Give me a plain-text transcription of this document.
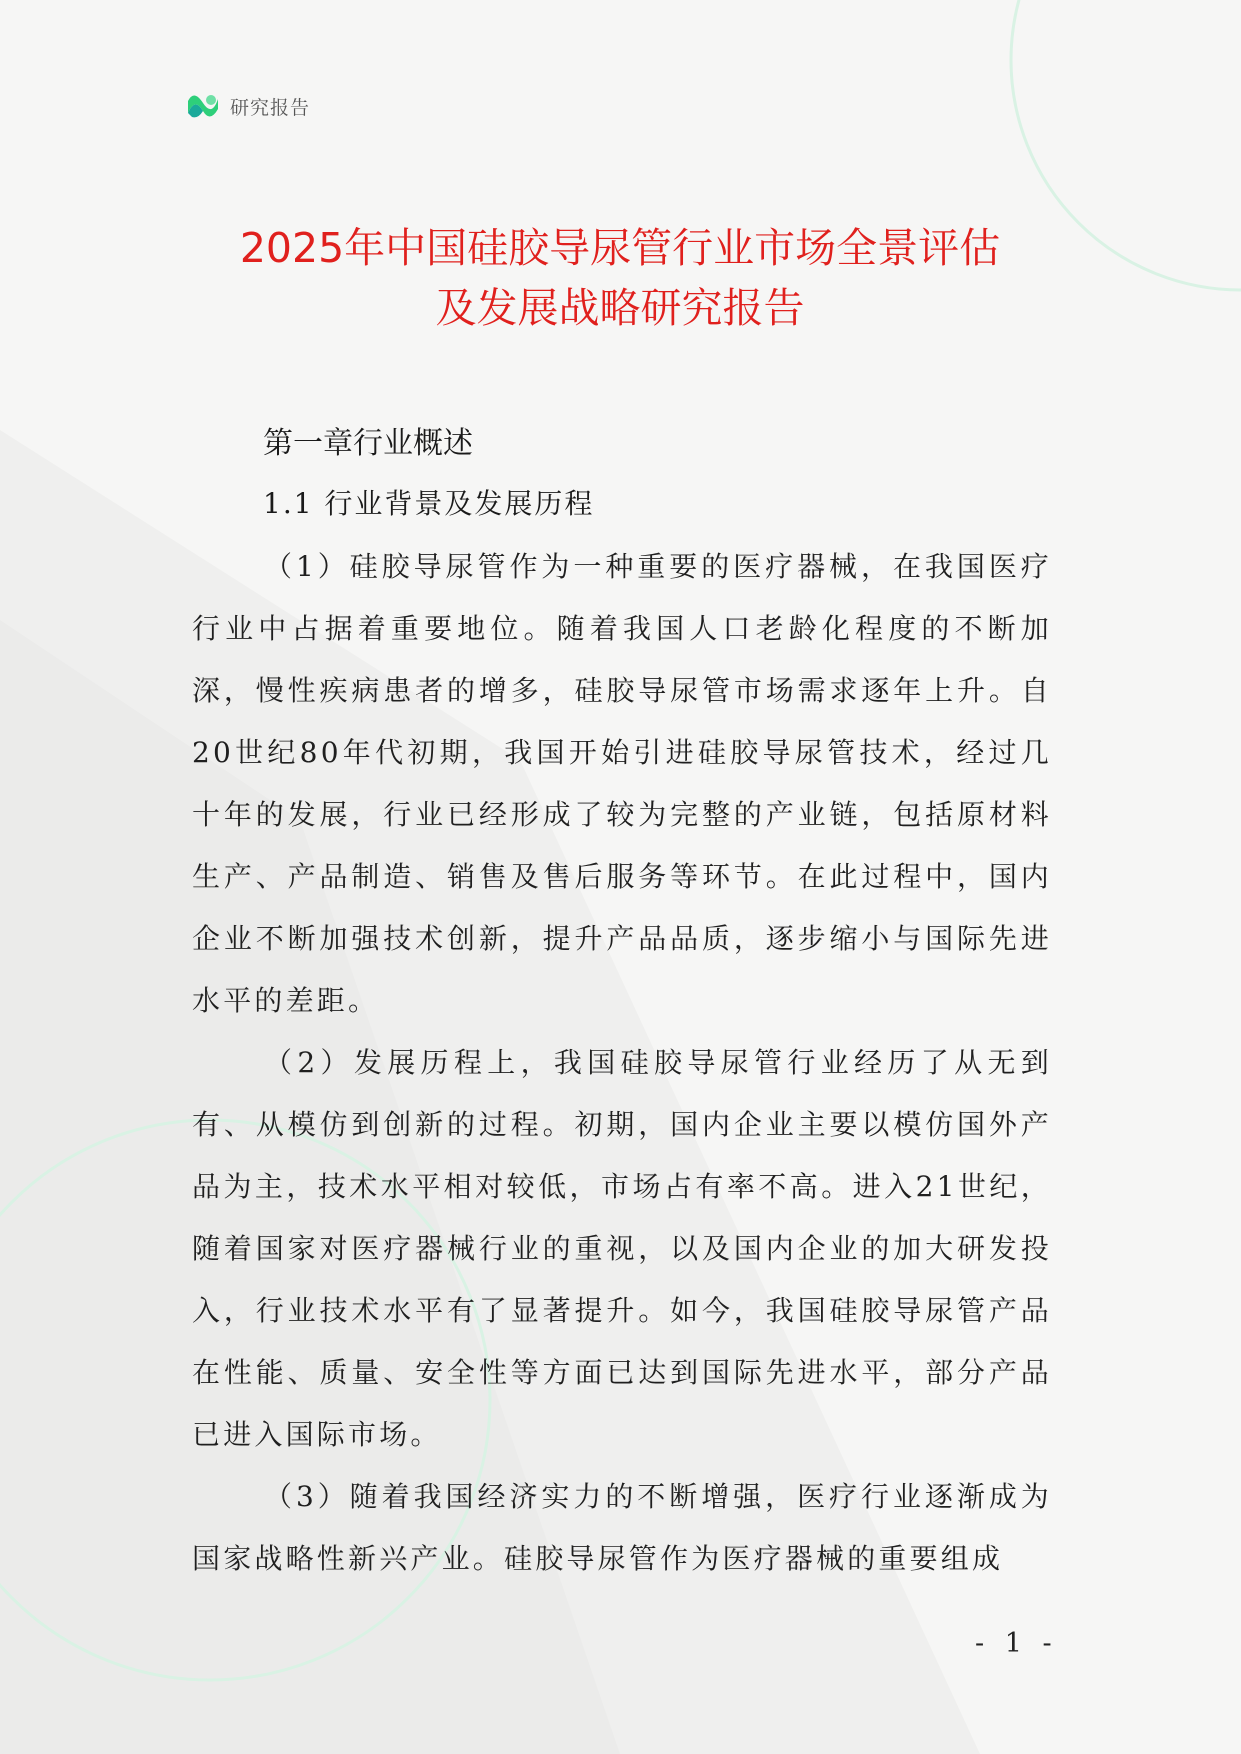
研究报告
2025年中国硅胶导尿管行业市场全景评估
及发展战略研究报告
第一章行业概述
1.1 行业背景及发展历程

（1）硅胶导尿管作为一种重要的医疗器械，在我国医疗行业中占据着重要地位。随着我国人口老龄化程度的不断加深，慢性疾病患者的增多，硅胶导尿管市场需求逐年上升。自20世纪80年代初期，我国开始引进硅胶导尿管技术，经过几十年的发展，行业已经形成了较为完整的产业链，包括原材料生产、产品制造、销售及售后服务等环节。在此过程中，国内企业不断加强技术创新，提升产品品质，逐步缩小与国际先进水平的差距。

（2）发展历程上，我国硅胶导尿管行业经历了从无到有、从模仿到创新的过程。初期，国内企业主要以模仿国外产品为主，技术水平相对较低，市场占有率不高。进入21世纪，随着国家对医疗器械行业的重视，以及国内企业的加大研发投入，行业技术水平有了显著提升。如今，我国硅胶导尿管产品在性能、质量、安全性等方面已达到国际先进水平，部分产品已进入国际市场。

（3）随着我国经济实力的不断增强，医疗行业逐渐成为国家战略性新兴产业。硅胶导尿管作为医疗器械的重要组成

- 1 -
